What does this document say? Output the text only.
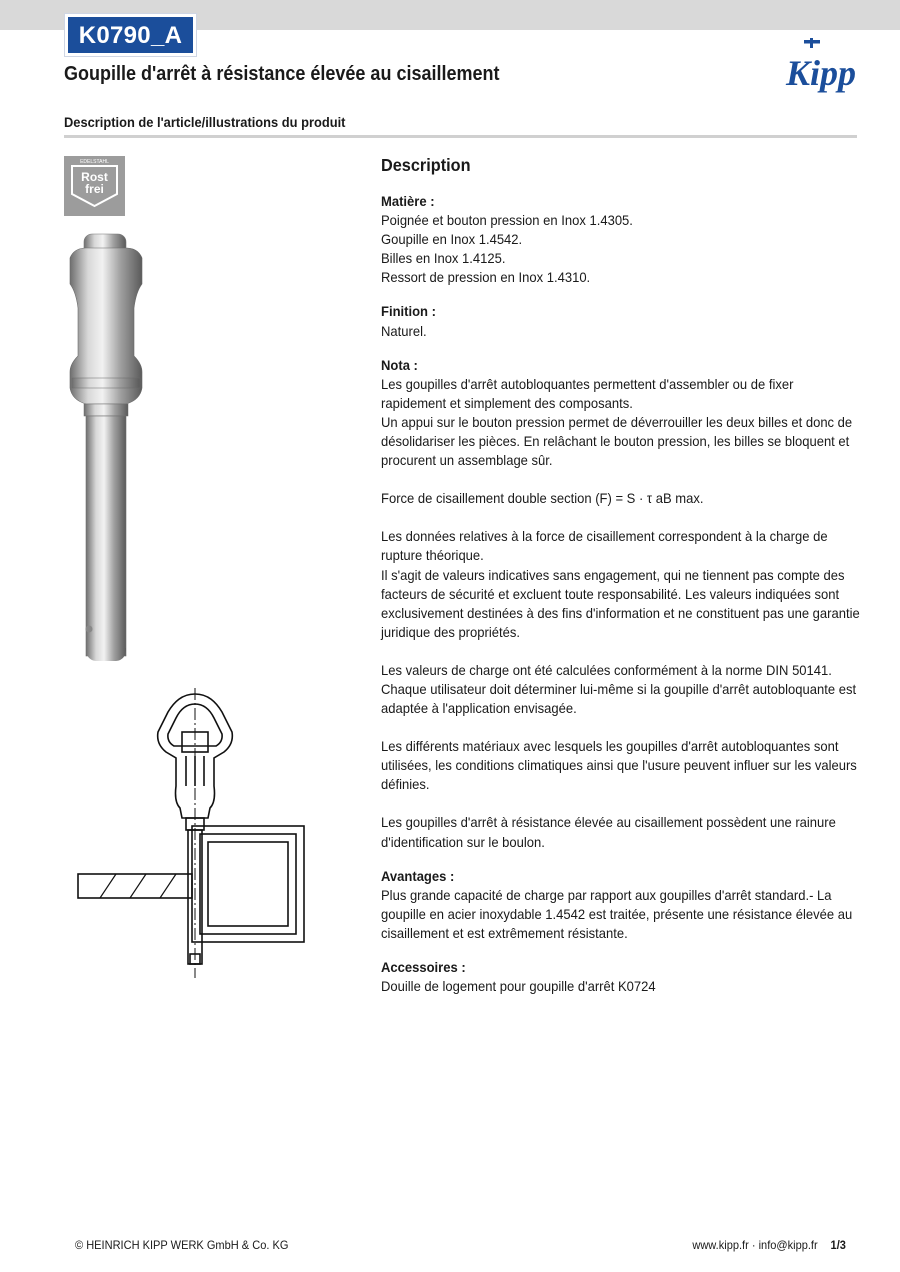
K0790_A
Goupille d'arrêt à résistance élevée au cisaillement	Kipp
Description de l'article/illustrations du produit
EDELSTAHL
Rost
frei
Description
Matière :

Poignée et bouton pression en Inox 1.4305.

Goupille en Inox 1.4542.

Billes en Inox 1.4125.

Ressort de pression en Inox 1.4310.

Finition :

Naturel.

Nota :

Les goupilles d'arrêt autobloquantes permettent d'assembler ou de fixer rapidement et simplement des composants.

Un appui sur le bouton pression permet de déverrouiller les deux billes et donc de désolidariser les pièces. En relâchant le bouton pression, les billes se bloquent et procurent un assemblage sûr.

Force de cisaillement double section (F) = S · τ aB max.

Les données relatives à la force de cisaillement correspondent à la charge de rupture théorique.

Il s'agit de valeurs indicatives sans engagement, qui ne tiennent pas compte des facteurs de sécurité et excluent toute responsabilité. Les valeurs indiquées sont exclusivement destinées à des fins d'information et ne constituent pas une garantie juridique des propriétés.

Les valeurs de charge ont été calculées conformément à la norme DIN 50141.

Chaque utilisateur doit déterminer lui-même si la goupille d'arrêt autobloquante est adaptée à l'application envisagée.

Les différents matériaux avec lesquels les goupilles d'arrêt autobloquantes sont utilisées, les conditions climatiques ainsi que l'usure peuvent influer sur les valeurs définies.

Les goupilles d'arrêt à résistance élevée au cisaillement possèdent une rainure d'identification sur le boulon.

Avantages :

Plus grande capacité de charge par rapport aux goupilles d'arrêt standard.- La goupille en acier inoxydable 1.4542 est traitée, présente une résistance élevée au cisaillement et est extrêmement résistante.

Accessoires :

Douille de logement pour goupille d'arrêt K0724

© HEINRICH KIPP WERK GmbH & Co. KG	www.kipp.fr · info@kipp.fr 1/3
